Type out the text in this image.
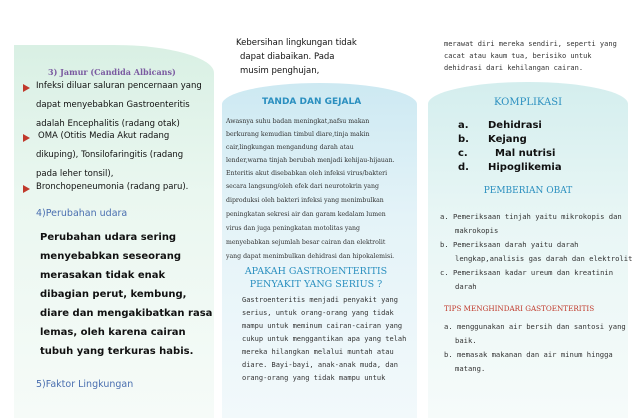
3) Jamur (Candida Albicans)
Infeksi diluar saluran pencernaan yang
dapat menyebabkan Gastroenteritis
adalah Encephalitis (radang otak)
OMA (Otitis Media Akut radang
dikuping), Tonsilofaringitis (radang
pada leher tonsil),
Bronchopeneumonia (radang paru).
4)Perubahan udara
Perubahan udara sering
menyebabkan seseorang
merasakan tidak enak
dibagian perut, kembung,
diare dan mengakibatkan rasa
lemas, oleh karena cairan
tubuh yang terkuras habis.
5)Faktor Lingkungan
Kebersihan lingkungan tidak
dapat diabaikan. Pada
musim penghujan,
TANDA DAN GEJALA
Awasnya suhu badan meningkat,nafsu makan
berkurang kemudian timbul diare,tinja makin
cair,lingkungan mengandung darah atau
lender,warna tinjah berubah menjadi kehijau-hijauan.
Enteritis akut disebabkan oleh infeksi virus/bakteri
secara langsung/oleh efek dari neurotokrin yang
diproduksi oleh bakteri infeksi yang menimbulkan
peningkatan sekresi air dan garam kedalam lumen
virus dan juga peningkatan motolitas yang
menyebabkan sejumlah besar cairan dan elektrolit
yang dapat menimbulkan dehidrasi dan hipokalemisi.
APAKAH GASTROENTERITIS
PENYAKIT YANG SERIUS ?
Gastroenteritis menjadi penyakit yang
serius, untuk orang-orang yang tidak
mampu untuk meminum cairan-cairan yang
cukup untuk menggantikan apa yang telah
mereka hilangkan melalui muntah atau
diare. Bayi-bayi, anak-anak muda, dan
orang-orang yang tidak mampu untuk
merawat diri mereka sendiri, seperti yang
cacat atau kaum tua, berisiko untuk
dehidrasi dari kehilangan cairan.
KOMPLIKASI
a. Dehidrasi
b. Kejang
c.	Mal nutrisi
d. Hipoglikemia
PEMBERIAN OBAT
a. Pemeriksaan tinjah yaitu mikrokopis dan
makrokopis
b. Pemeriksaan darah yaitu darah
lengkap,analisis gas darah dan elektrolit
c. Pemeriksaan kadar ureum dan kreatinin
darah
TIPS MENGHINDARI GASTOENTERITIS
a. menggunakan air bersih dan santosi yang
baik.
b. memasak makanan dan air minum hingga
matang.
